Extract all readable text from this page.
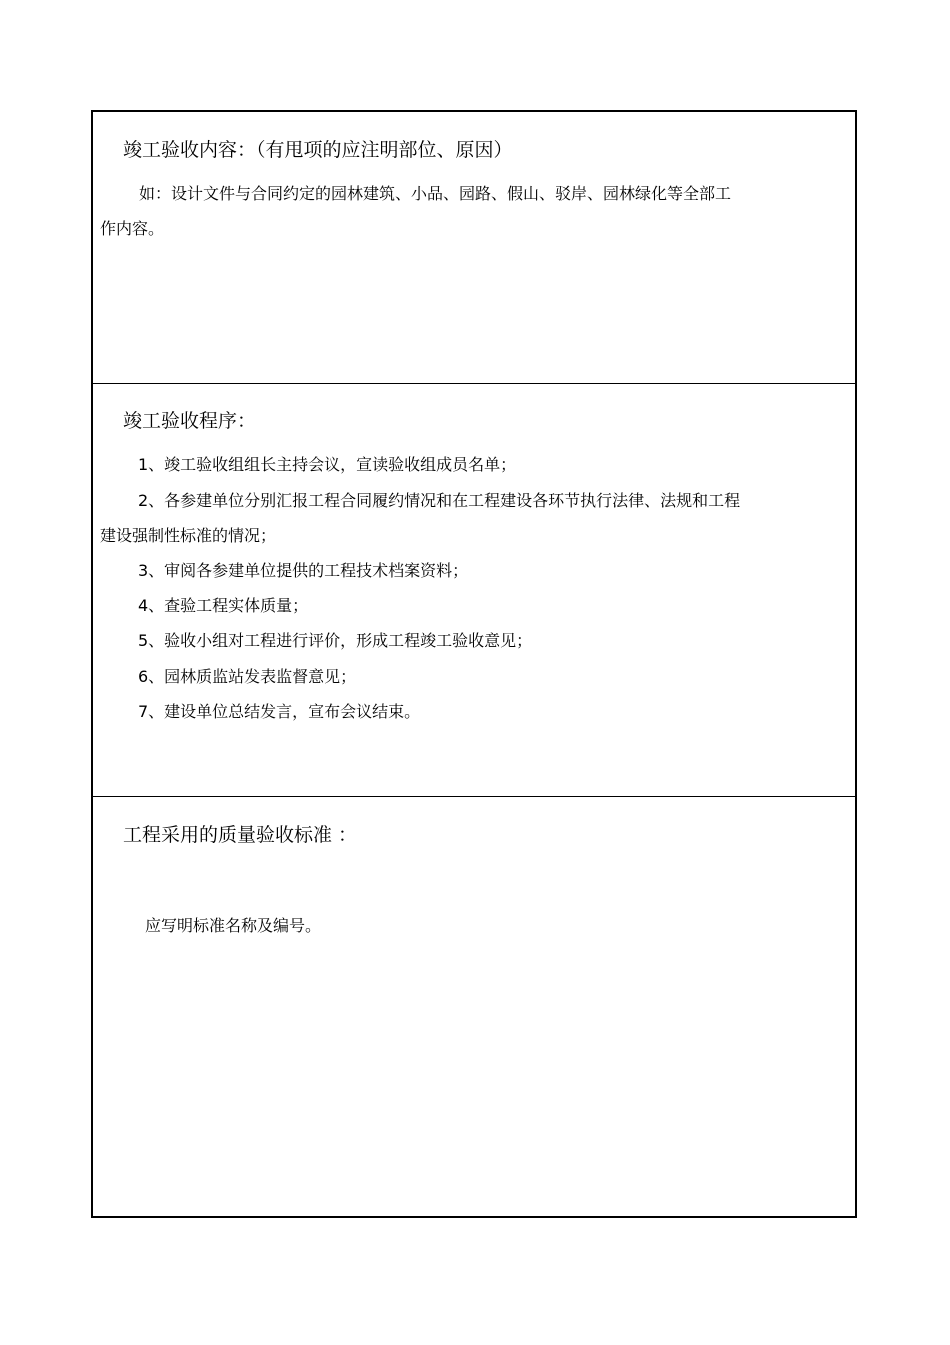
竣工验收内容：（有甩项的应注明部位、原因）
如：设计文件与合同约定的园林建筑、小品、园路、假山、驳岸、园林绿化等全部工
作内容。
竣工验收程序：
1、竣工验收组组长主持会议，宣读验收组成员名单；
2、各参建单位分别汇报工程合同履约情况和在工程建设各环节执行法律、法规和工程
建设强制性标准的情况；
3、审阅各参建单位提供的工程技术档案资料；
4、查验工程实体质量；
5、验收小组对工程进行评价，形成工程竣工验收意见；
6、园林质监站发表监督意见；
7、建设单位总结发言，宣布会议结束。
工程采用的质量验收标准 ：
应写明标准名称及编号。
